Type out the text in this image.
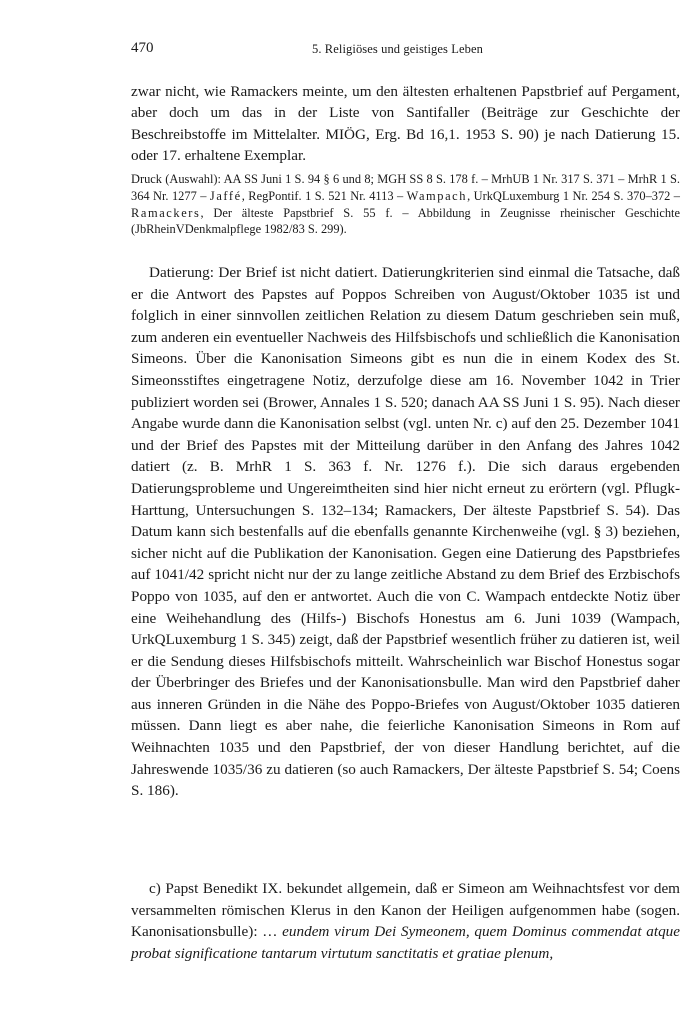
470	5. Religiöses und geistiges Leben

zwar nicht, wie Ramackers meinte, um den ältesten erhaltenen Papstbrief auf Pergament, aber doch um das in der Liste von Santifaller (Beiträge zur Geschichte der Beschreibstoffe im Mittelalter. MIÖG, Erg. Bd 16,1. 1953 S. 90) je nach Datierung 15. oder 17. erhaltene Exemplar.

Druck (Auswahl): AA SS Juni 1 S. 94 § 6 und 8; MGH SS 8 S. 178 f. – MrhUB 1 Nr. 317 S. 371 – MrhR 1 S. 364 Nr. 1277 – Jaffé, RegPontif. 1 S. 521 Nr. 4113 – Wampach, UrkQLuxemburg 1 Nr. 254 S. 370–372 – Ramackers, Der älteste Papstbrief S. 55 f. – Abbildung in Zeugnisse rheinischer Geschichte (JbRheinVDenkmalpflege 1982/83 S. 299).

Datierung: Der Brief ist nicht datiert. Datierungkriterien sind einmal die Tatsache, daß er die Antwort des Papstes auf Poppos Schreiben von August/Oktober 1035 ist und folglich in einer sinnvollen zeitlichen Relation zu diesem Datum geschrieben sein muß, zum anderen ein eventueller Nachweis des Hilfsbischofs und schließlich die Kanonisation Simeons. Über die Kanonisation Simeons gibt es nun die in einem Kodex des St. Simeonsstiftes eingetragene Notiz, derzufolge diese am 16. November 1042 in Trier publiziert worden sei (Brower, Annales 1 S. 520; danach AA SS Juni 1 S. 95). Nach dieser Angabe wurde dann die Kanonisation selbst (vgl. unten Nr. c) auf den 25. Dezember 1041 und der Brief des Papstes mit der Mitteilung darüber in den Anfang des Jahres 1042 datiert (z. B. MrhR 1 S. 363 f. Nr. 1276 f.). Die sich daraus ergebenden Datierungsprobleme und Ungereimtheiten sind hier nicht erneut zu erörtern (vgl. Pflugk-Harttung, Untersuchungen S. 132–134; Ramackers, Der älteste Papstbrief S. 54). Das Datum kann sich bestenfalls auf die ebenfalls genannte Kirchenweihe (vgl. § 3) beziehen, sicher nicht auf die Publikation der Kanonisation. Gegen eine Datierung des Papstbriefes auf 1041/42 spricht nicht nur der zu lange zeitliche Abstand zu dem Brief des Erzbischofs Poppo von 1035, auf den er antwortet. Auch die von C. Wampach entdeckte Notiz über eine Weihehandlung des (Hilfs-) Bischofs Honestus am 6. Juni 1039 (Wampach, UrkQLuxemburg 1 S. 345) zeigt, daß der Papstbrief wesentlich früher zu datieren ist, weil er die Sendung dieses Hilfsbischofs mitteilt. Wahrscheinlich war Bischof Honestus sogar der Überbringer des Briefes und der Kanonisationsbulle. Man wird den Papstbrief daher aus inneren Gründen in die Nähe des Poppo-Briefes von August/Oktober 1035 datieren müssen. Dann liegt es aber nahe, die feierliche Kanonisation Simeons in Rom auf Weihnachten 1035 und den Papstbrief, der von dieser Handlung berichtet, auf die Jahreswende 1035/36 zu datieren (so auch Ramackers, Der älteste Papstbrief S. 54; Coens S. 186).

c) Papst Benedikt IX. bekundet allgemein, daß er Simeon am Weihnachtsfest vor dem versammelten römischen Klerus in den Kanon der Heiligen aufgenommen habe (sogen. Kanonisationsbulle): … eundem virum Dei Symeonem, quem Dominus commendat atque probat significatione tantarum virtutum sanctitatis et gratiae plenum,
